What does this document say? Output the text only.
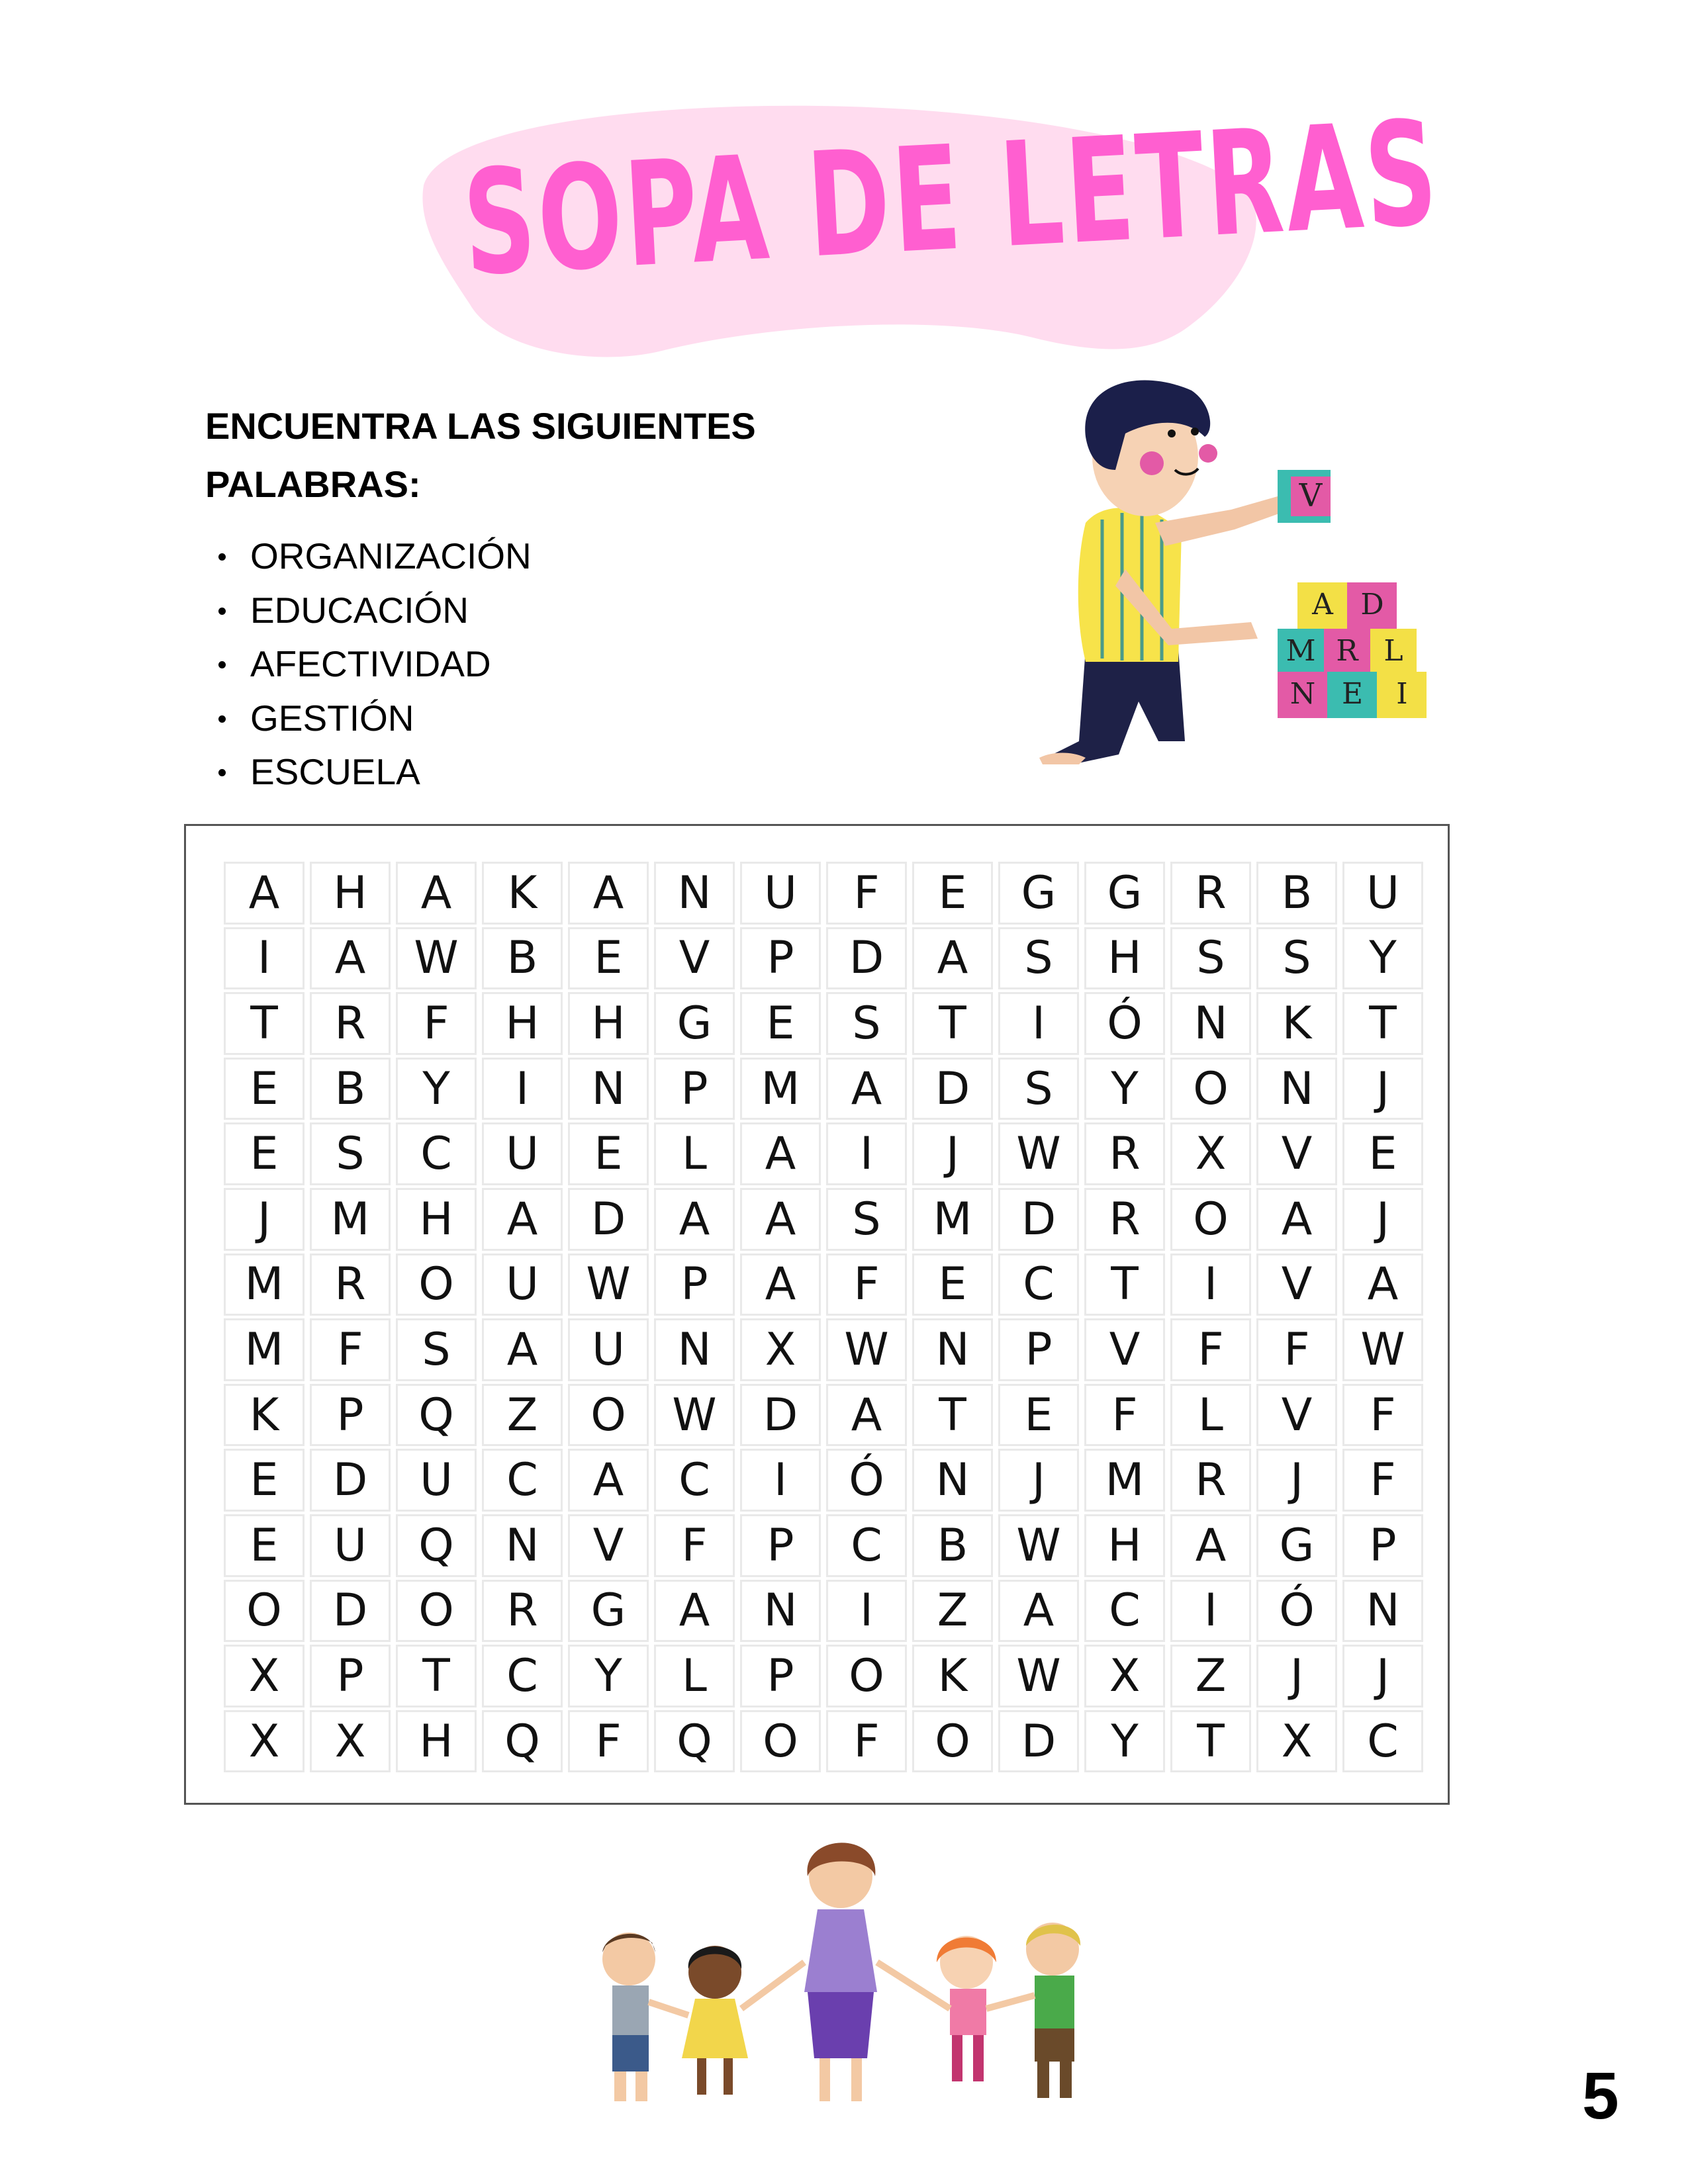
SOPA DE LETRAS

ENCUENTRA LAS SIGUIENTES PALABRAS:

ORGANIZACIÓN
EDUCACIÓN
AFECTIVIDAD
GESTIÓN
ESCUELA
V
A D
M R L
N E I
A	H	A	K	A	N	U	F	E	G	G	R	B	U
I	A	W	B	E	V	P	D	A	S	H	S	S	Y
T	R	F	H	H	G	E	S	T	I	Ó	N	K	T
E	B	Y	I	N	P	M	A	D	S	Y	O	N	J
E	S	C	U	E	L	A	I	J	W	R	X	V	E
J	M	H	A	D	A	A	S	M	D	R	O	A	J
M	R	O	U	W	P	A	F	E	C	T	I	V	A
M	F	S	A	U	N	X	W	N	P	V	F	F	W
K	P	Q	Z	O	W	D	A	T	E	F	L	V	F
E	D	U	C	A	C	I	Ó	N	J	M	R	J	F
E	U	Q	N	V	F	P	C	B	W	H	A	G	P
O	D	O	R	G	A	N	I	Z	A	C	I	Ó	N
X	P	T	C	Y	L	P	O	K	W	X	Z	J	J
X	X	H	Q	F	Q	O	F	O	D	Y	T	X	C
5
